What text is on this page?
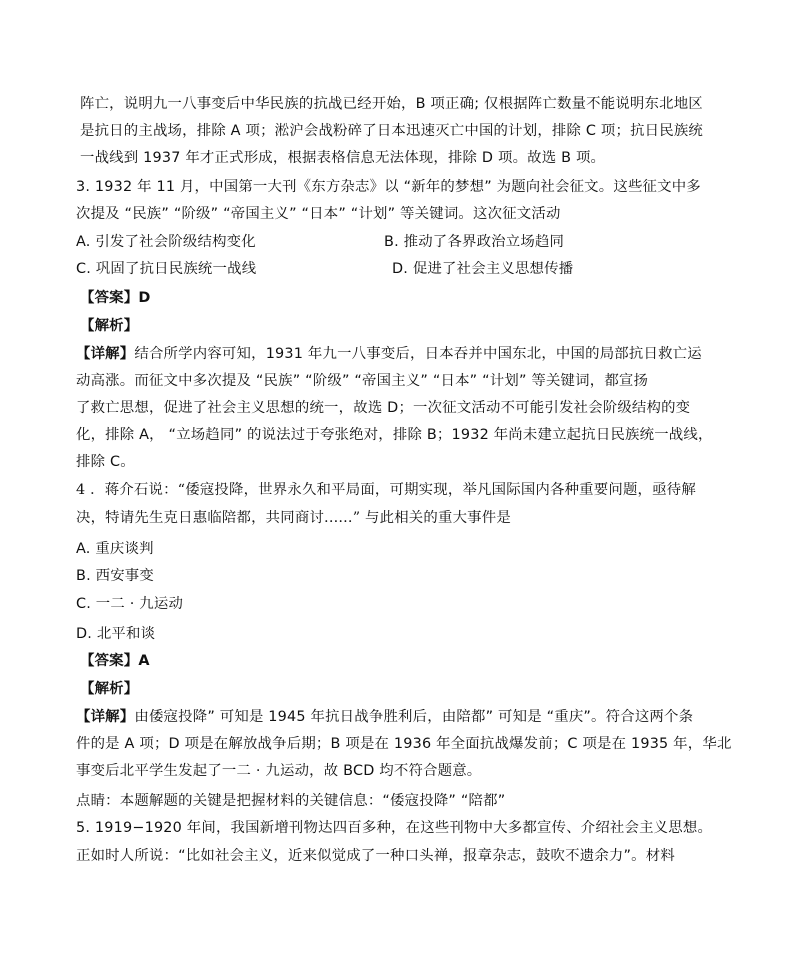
阵亡，说明九一八事变后中华民族的抗战已经开始，B 项正确; 仅根据阵亡数量不能说明东北地区
是抗日的主战场，排除 A 项；淞沪会战粉碎了日本迅速灭亡中国的计划，排除 C 项；抗日民族统
一战线到 1937 年才正式形成，根据表格信息无法体现，排除 D 项。故选 B 项。
3. 1932 年 11 月，中国第一大刊《东方杂志》以 “新年的梦想” 为题向社会征文。这些征文中多
次提及 “民族” “阶级” “帝国主义” “日本” “计划” 等关键词。这次征文活动
A. 引发了社会阶级结构变化	B. 推动了各界政治立场趋同
C. 巩固了抗日民族统一战线	D. 促进了社会主义思想传播
【答案】D
【解析】
【详解】结合所学内容可知，1931 年九一八事变后，日本吞并中国东北，中国的局部抗日救亡运
动高涨。而征文中多次提及 “民族” “阶级” “帝国主义” “日本” “计划” 等关键词，都宣扬
了救亡思想，促进了社会主义思想的统一，故选 D；一次征文活动不可能引发社会阶级结构的变
化，排除 A， “立场趋同” 的说法过于夸张绝对，排除 B；1932 年尚未建立起抗日民族统一战线，
排除 C。
4 ．蒋介石说：“倭寇投降，世界永久和平局面，可期实现，举凡国际国内各种重要问题，亟待解
决，特请先生克日惠临陪都，共同商讨......” 与此相关的重大事件是
A. 重庆谈判
B. 西安事变
C. 一二 · 九运动
D. 北平和谈
【答案】A
【解析】
【详解】由倭寇投降” 可知是 1945 年抗日战争胜利后，由陪都” 可知是 “重庆”。符合这两个条
件的是 A 项；D 项是在解放战争后期；B 项是在 1936 年全面抗战爆发前；C 项是在 1935 年，华北
事变后北平学生发起了一二 · 九运动，故 BCD 均不符合题意。
点睛：本题解题的关键是把握材料的关键信息：“倭寇投降” “陪都”
5. 1919−1920 年间，我国新增刊物达四百多种，在这些刊物中大多都宣传、介绍社会主义思想。
正如时人所说：“比如社会主义，近来似觉成了一种口头禅，报章杂志，鼓吹不遗余力”。材料
